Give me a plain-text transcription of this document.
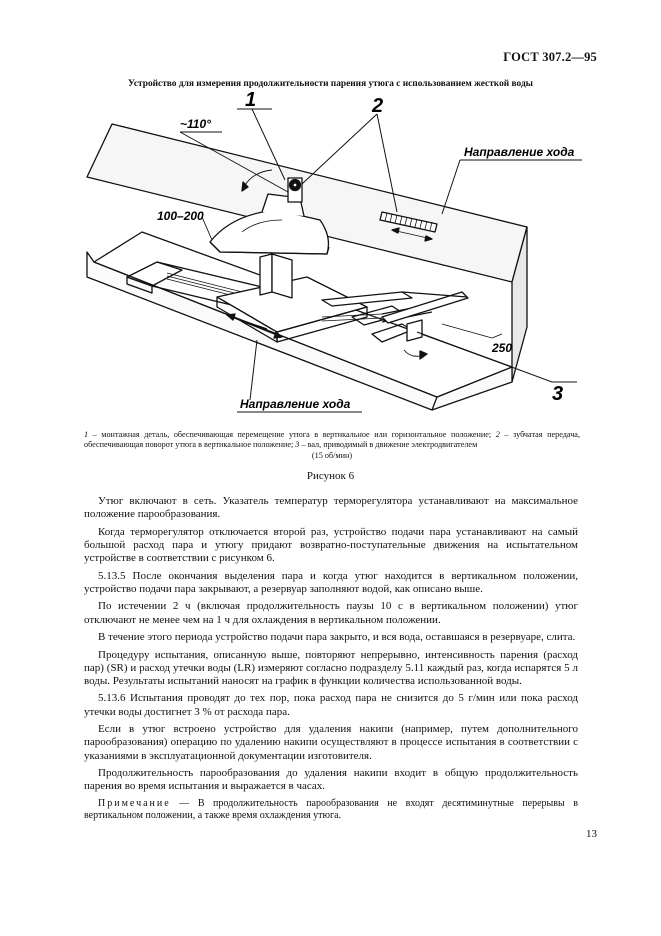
ГОСТ 307.2—95
Устройство для измерения продолжительности парения утюга с использованием жесткой воды
1	2
3
~110°
100–200
250
Направление хода
Направление хода
1 – монтажная деталь, обеспечивающая перемещение утюга в вертикальное или горизонтальное положение; 2 – зубчатая передача, обеспечивающая поворот утюга в вертикальное положение; 3 – вал, приводимый в движение электродвигателем
(15 об/мин)
Рисунок 6

Утюг включают в сеть. Указатель температур терморегулятора устанавливают на максимальное положение парообразования.

Когда терморегулятор отключается второй раз, устройство подачи пара устанавливают на самый большой расход пара и утюгу придают возвратно-поступательные движения на испытательном устройстве в соответствии с рисунком 6.

5.13.5 После окончания выделения пара и когда утюг находится в вертикальном положении, устройство подачи пара закрывают, а резервуар заполняют водой, как описано выше.

По истечении 2 ч (включая продолжительность паузы 10 с в вертикальном положении) утюг отключают не менее чем на 1 ч для охлаждения в вертикальном положении.

В течение этого периода устройство подачи пара закрыто, и вся вода, оставшаяся в резервуаре, слита.

Процедуру испытания, описанную выше, повторяют непрерывно, интенсивность парения (расход пар) (SR) и расход утечки воды (LR) измеряют согласно подразделу 5.11 каждый раз, когда испарятся 5 л воды. Результаты испытаний наносят на график в функции количества использованной воды.

5.13.6 Испытания проводят до тех пор, пока расход пара не снизится до 5 г/мин или пока расход утечки воды достигнет 3 % от расхода пара.

Если в утюг встроено устройство для удаления накипи (например, путем дополнительного парообразования) операцию по удалению накипи осуществляют в процессе испытания в соответствии с указаниями в эксплуатационной документации изготовителя.

Продолжительность парообразования до удаления накипи входит в общую продолжительность парения во время испытания и выражается в часах.

Примечание — В продолжительность парообразования не входят десятиминутные перерывы в вертикальном положении, а также время охлаждения утюга.

13
